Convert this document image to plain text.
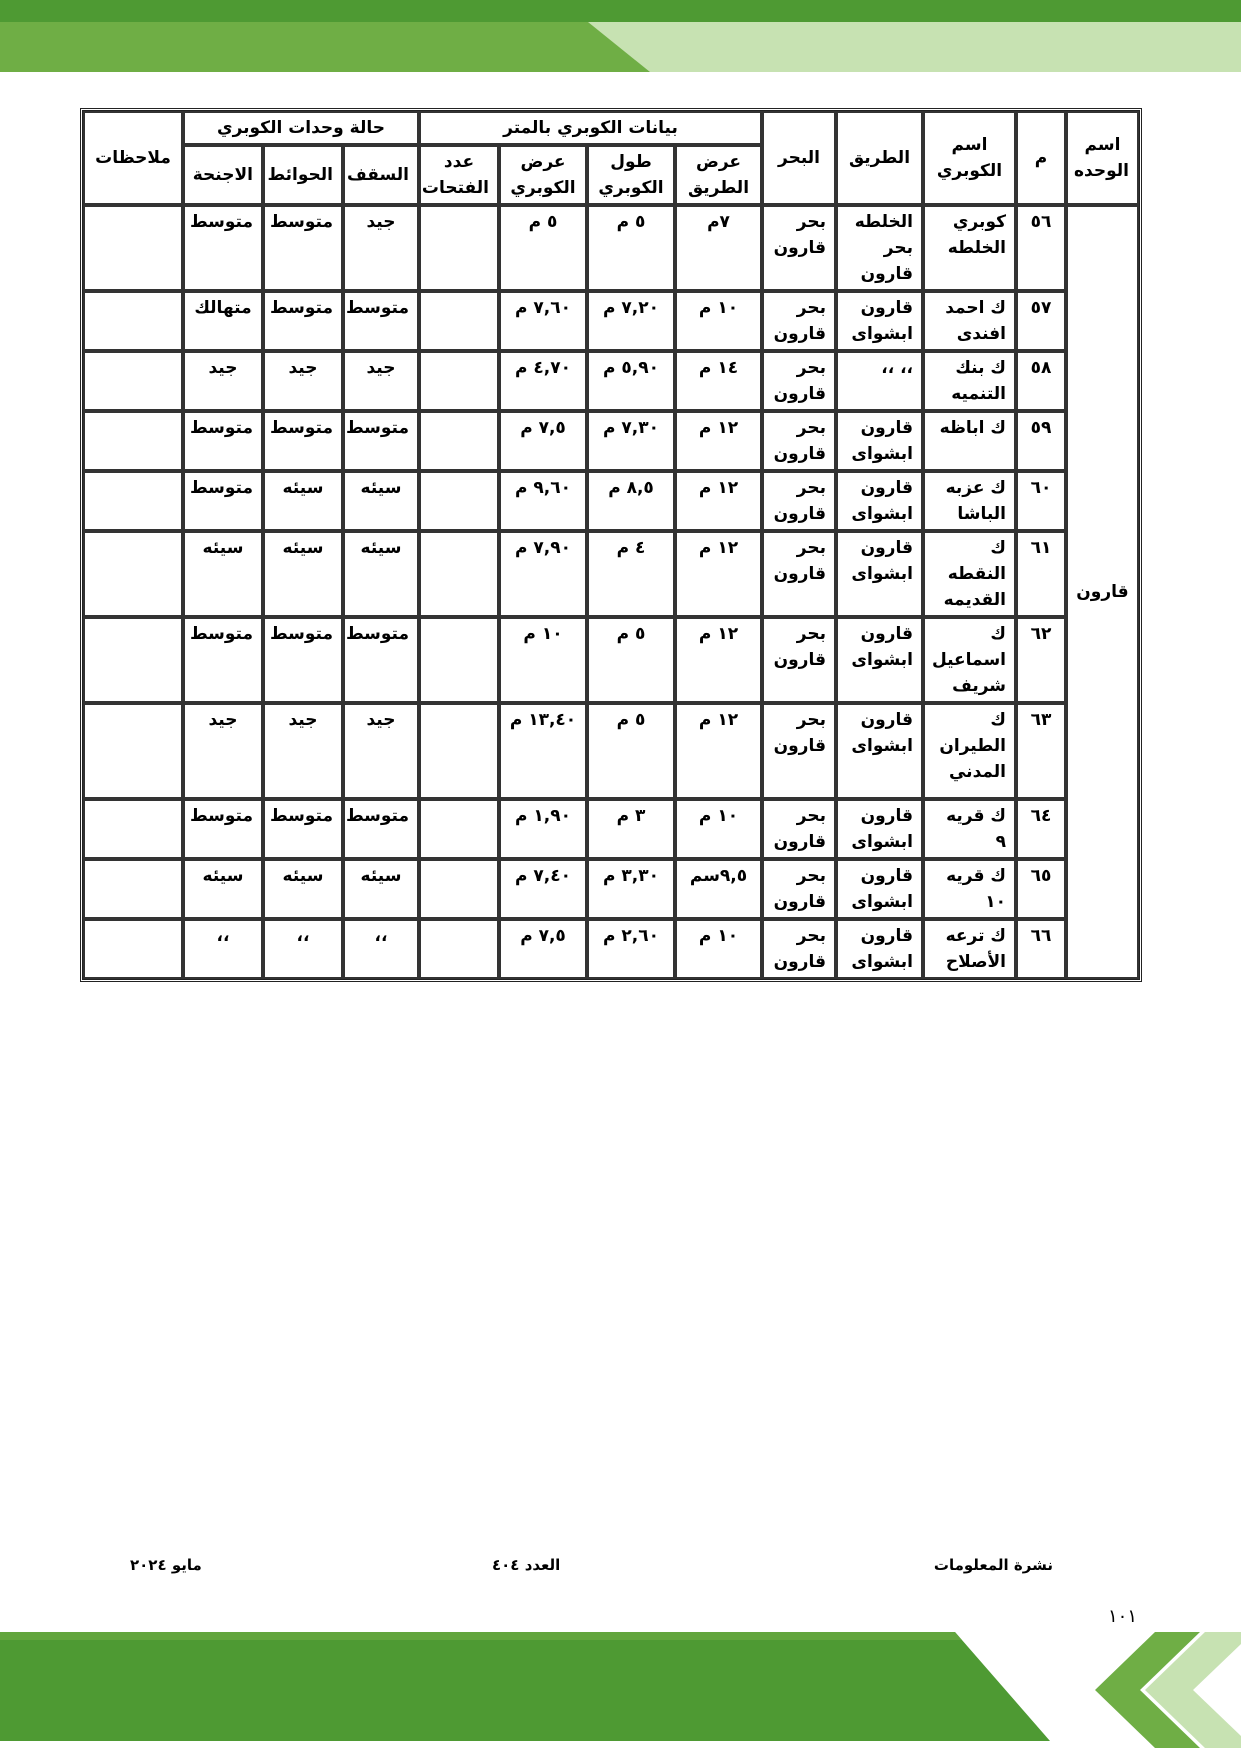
اسم الوحده	م	اسم الكوبري	الطريق	البحر	بيانات الكوبري بالمتر				حالة وحدات الكوبري			ملاحظات
					عرض الطريق	طول الكوبري	عرض الكوبري	عدد الفتحات	السقف	الحوائط	الاجنحة	
قارون	٥٦	كوبري الخلطه	الخلطه بحر قارون	بحر قارون	٧م	٥ م	٥ م		جيد	متوسط	متوسط	
	٥٧	ك احمد افندى	قارون ابشواى	بحر قارون	١٠ م	٧,٢٠ م	٧,٦٠ م		متوسط	متوسط	متهالك	
	٥٨	ك بنك التنميه	،، ،،	بحر قارون	١٤ م	٥,٩٠ م	٤,٧٠ م		جيد	جيد	جيد	
	٥٩	ك اباظه	قارون ابشواى	بحر قارون	١٢ م	٧,٣٠ م	٧,٥ م		متوسط	متوسط	متوسط	
	٦٠	ك عزبه الباشا	قارون ابشواى	بحر قارون	١٢ م	٨,٥ م	٩,٦٠ م		سيئه	سيئه	متوسط	
	٦١	ك النقطه القديمه	قارون ابشواى	بحر قارون	١٢ م	٤ م	٧,٩٠ م		سيئه	سيئه	سيئه	
	٦٢	ك اسماعيل شريف	قارون ابشواى	بحر قارون	١٢ م	٥ م	١٠ م		متوسط	متوسط	متوسط	
	٦٣	ك الطيران المدني	قارون ابشواى	بحر قارون	١٢ م	٥ م	١٣,٤٠ م		جيد	جيد	جيد	
	٦٤	ك قريه ٩	قارون ابشواى	بحر قارون	١٠ م	٣ م	١,٩٠ م		متوسط	متوسط	متوسط	
	٦٥	ك قريه ١٠	قارون ابشواى	بحر قارون	٩,٥سم	٣,٣٠ م	٧,٤٠ م		سيئه	سيئه	سيئه	
	٦٦	ك ترعه الأصلاح	قارون ابشواى	بحر قارون	١٠ م	٢,٦٠ م	٧,٥ م		،،	،،	،،	
نشرة المعلومات
العدد ٤٠٤
مايو ٢٠٢٤
١٠١
